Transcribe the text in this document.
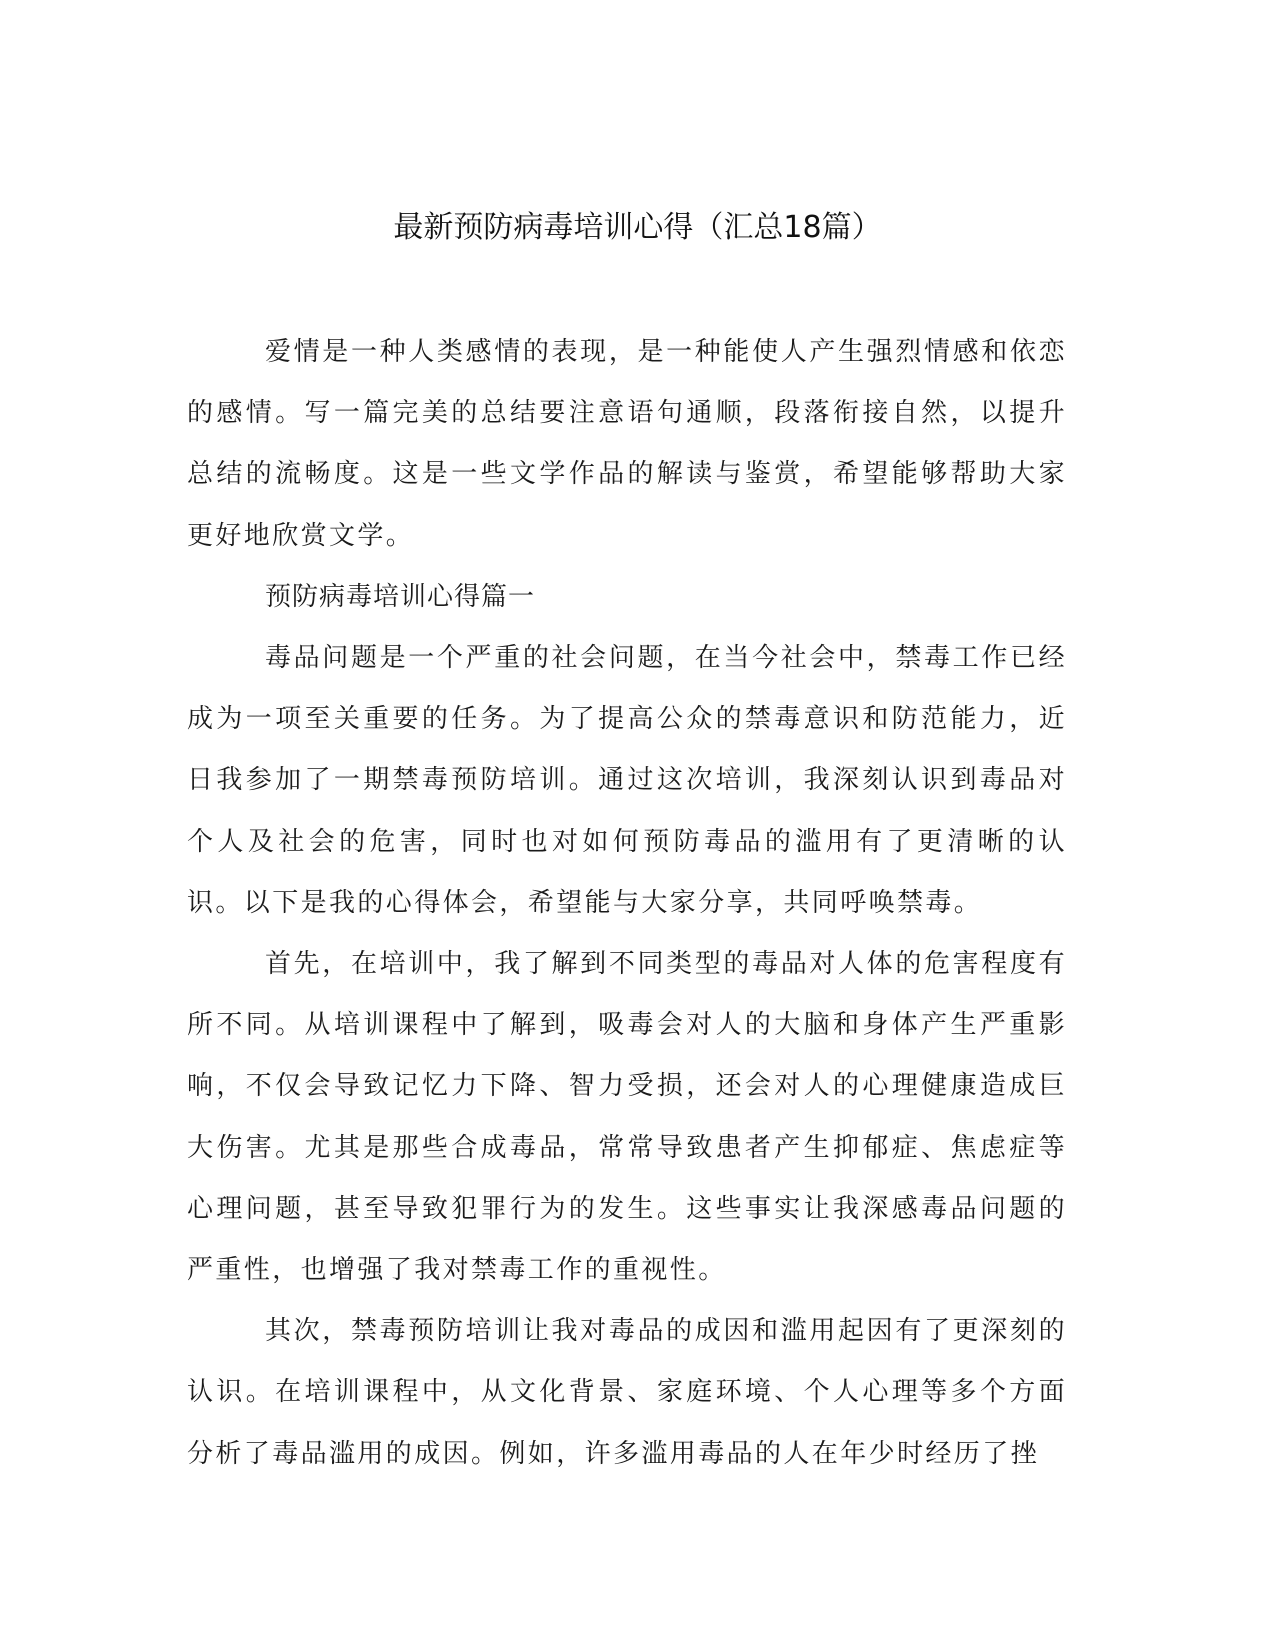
最新预防病毒培训心得（汇总18篇）

爱情是一种人类感情的表现，是一种能使人产生强烈情感和依恋的感情。写一篇完美的总结要注意语句通顺，段落衔接自然，以提升总结的流畅度。这是一些文学作品的解读与鉴赏，希望能够帮助大家更好地欣赏文学。

预防病毒培训心得篇一

毒品问题是一个严重的社会问题，在当今社会中，禁毒工作已经成为一项至关重要的任务。为了提高公众的禁毒意识和防范能力，近日我参加了一期禁毒预防培训。通过这次培训，我深刻认识到毒品对个人及社会的危害，同时也对如何预防毒品的滥用有了更清晰的认识。以下是我的心得体会，希望能与大家分享，共同呼唤禁毒。

首先，在培训中，我了解到不同类型的毒品对人体的危害程度有所不同。从培训课程中了解到，吸毒会对人的大脑和身体产生严重影响，不仅会导致记忆力下降、智力受损，还会对人的心理健康造成巨大伤害。尤其是那些合成毒品，常常导致患者产生抑郁症、焦虑症等心理问题，甚至导致犯罪行为的发生。这些事实让我深感毒品问题的严重性，也增强了我对禁毒工作的重视性。

其次，禁毒预防培训让我对毒品的成因和滥用起因有了更深刻的认识。在培训课程中，从文化背景、家庭环境、个人心理等多个方面分析了毒品滥用的成因。例如，许多滥用毒品的人在年少时经历了挫
